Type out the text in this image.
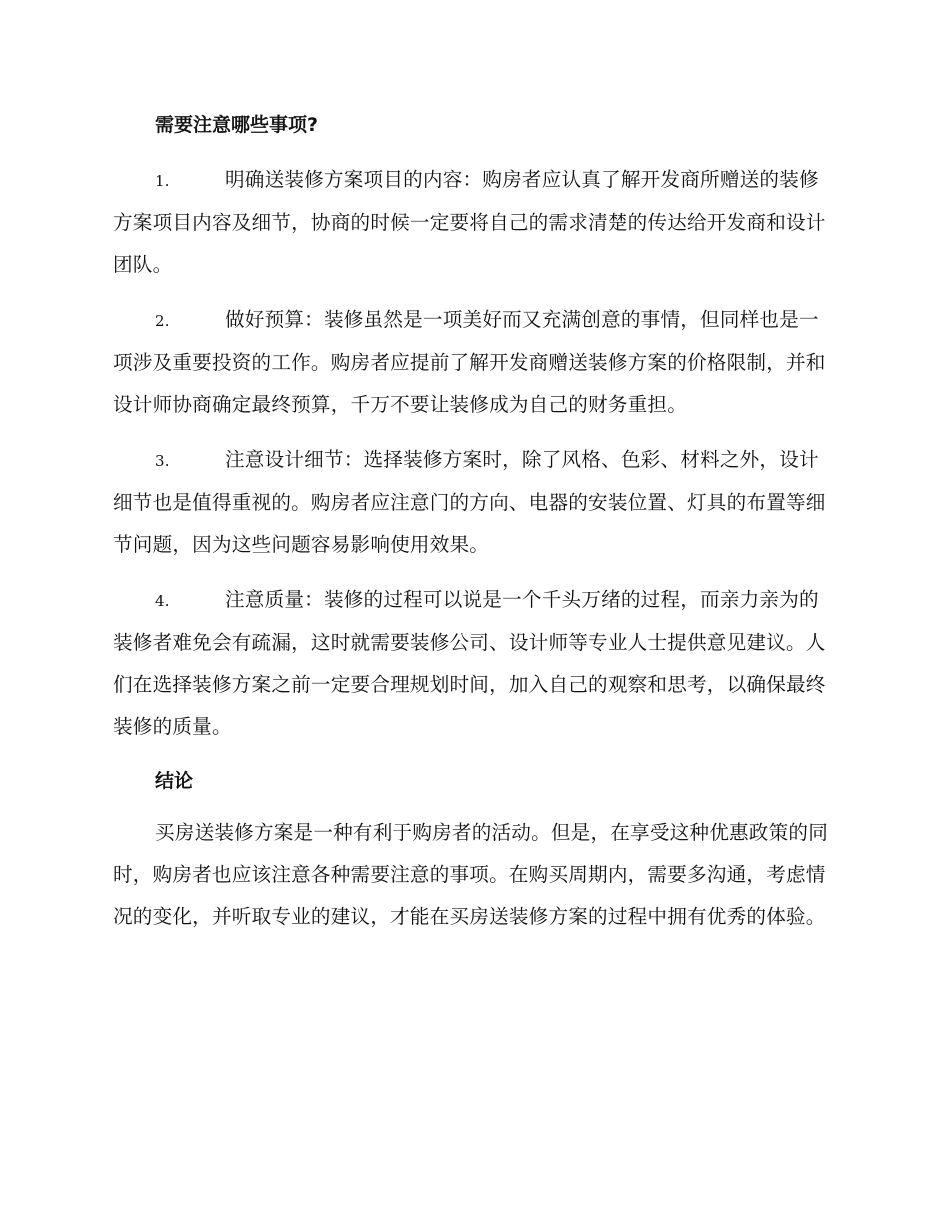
需要注意哪些事项?
1.	明确送装修方案项目的内容：购房者应认真了解开发商所赠送的装修方案项目内容及细节，协商的时候一定要将自己的需求清楚的传达给开发商和设计团队。
2.	做好预算：装修虽然是一项美好而又充满创意的事情，但同样也是一项涉及重要投资的工作。购房者应提前了解开发商赠送装修方案的价格限制，并和设计师协商确定最终预算，千万不要让装修成为自己的财务重担。
3.	注意设计细节：选择装修方案时，除了风格、色彩、材料之外，设计细节也是值得重视的。购房者应注意门的方向、电器的安装位置、灯具的布置等细节问题，因为这些问题容易影响使用效果。
4.	注意质量：装修的过程可以说是一个千头万绪的过程，而亲力亲为的装修者难免会有疏漏，这时就需要装修公司、设计师等专业人士提供意见建议。人们在选择装修方案之前一定要合理规划时间，加入自己的观察和思考，以确保最终装修的质量。
结论

买房送装修方案是一种有利于购房者的活动。但是，在享受这种优惠政策的同时，购房者也应该注意各种需要注意的事项。在购买周期内，需要多沟通，考虑情况的变化，并听取专业的建议，才能在买房送装修方案的过程中拥有优秀的体验。
